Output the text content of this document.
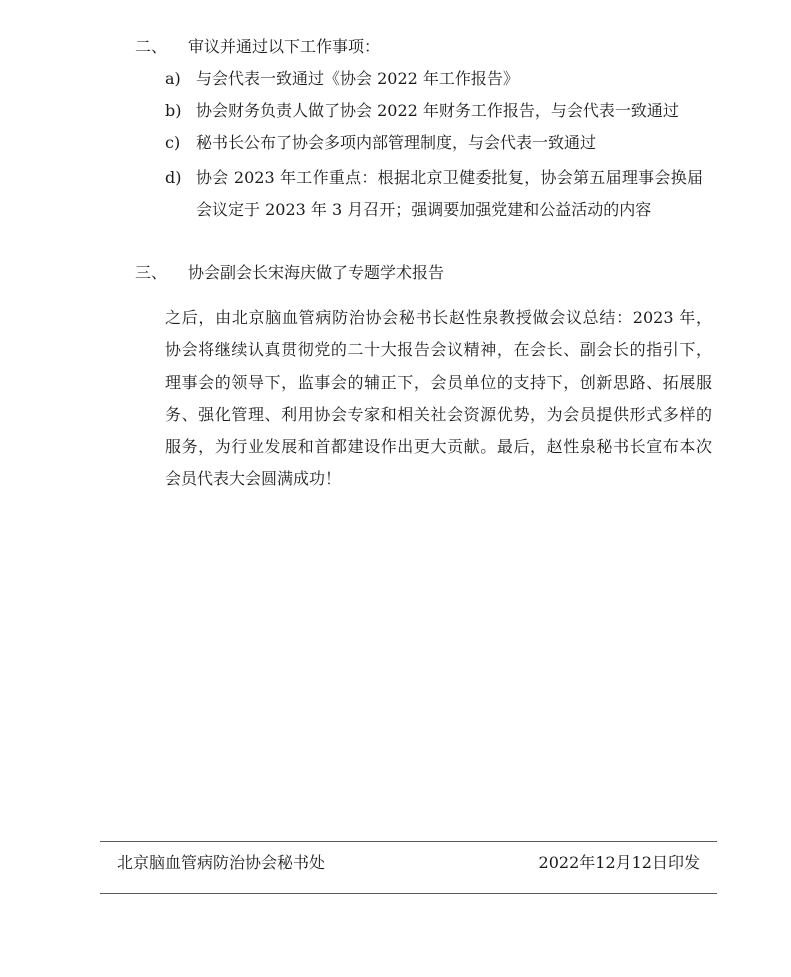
二、 审议并通过以下工作事项：
a) 与会代表一致通过《协会 2022 年工作报告》
b) 协会财务负责人做了协会 2022 年财务工作报告，与会代表一致通过
c) 秘书长公布了协会多项内部管理制度，与会代表一致通过
d) 协会 2023 年工作重点：根据北京卫健委批复，协会第五届理事会换届
会议定于 2023 年 3 月召开；强调要加强党建和公益活动的内容
三、 协会副会长宋海庆做了专题学术报告
之后，由北京脑血管病防治协会秘书长赵性泉教授做会议总结：2023 年，
协会将继续认真贯彻党的二十大报告会议精神，在会长、副会长的指引下，
理事会的领导下，监事会的辅正下，会员单位的支持下，创新思路、拓展服
务、强化管理、利用协会专家和相关社会资源优势，为会员提供形式多样的
服务，为行业发展和首都建设作出更大贡献。最后，赵性泉秘书长宣布本次
会员代表大会圆满成功！
北京脑血管病防治协会秘书处	2022年12月12日印发
